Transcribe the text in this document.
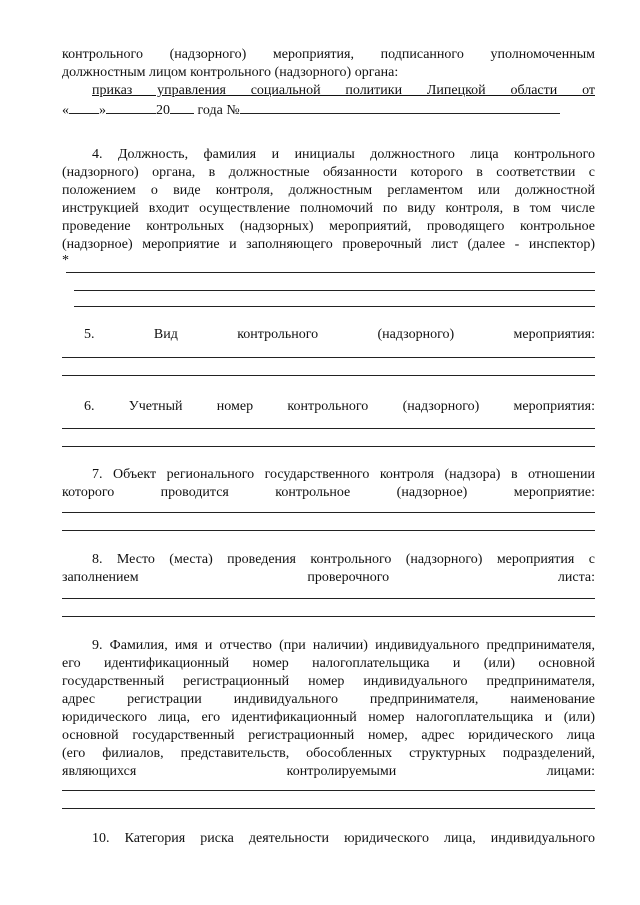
контрольного (надзорного) мероприятия, подписанного уполномоченным
должностным лицом контрольного (надзорного) органа:
приказ управления социальной политики Липецкой области от
« »	20 года №
4. Должность, фамилия и инициалы должностного лица контрольного
(надзорного) органа, в должностные обязанности которого в соответствии с
положением о виде контроля, должностным регламентом или должностной
инструкцией входит осуществление полномочий по виду контроля, в том числе
проведение контрольных (надзорных) мероприятий, проводящего контрольное
(надзорное) мероприятие и заполняющего проверочный лист (далее - инспектор)
*
5. Вид контрольного (надзорного) мероприятия:
6. Учетный номер контрольного (надзорного) мероприятия:
7. Объект регионального государственного контроля (надзора) в отношении
которого проводится контрольное (надзорное) мероприятие:
8. Место (места) проведения контрольного (надзорного) мероприятия с
заполнением проверочного листа:
9. Фамилия, имя и отчество (при наличии) индивидуального предпринимателя,
его идентификационный номер налогоплательщика и (или) основной
государственный регистрационный номер индивидуального предпринимателя,
адрес регистрации индивидуального предпринимателя, наименование
юридического лица, его идентификационный номер налогоплательщика и (или)
основной государственный регистрационный номер, адрес юридического лица
(его филиалов, представительств, обособленных структурных подразделений,
являющихся контролируемыми лицами:
10. Категория риска деятельности юридического лица, индивидуального
